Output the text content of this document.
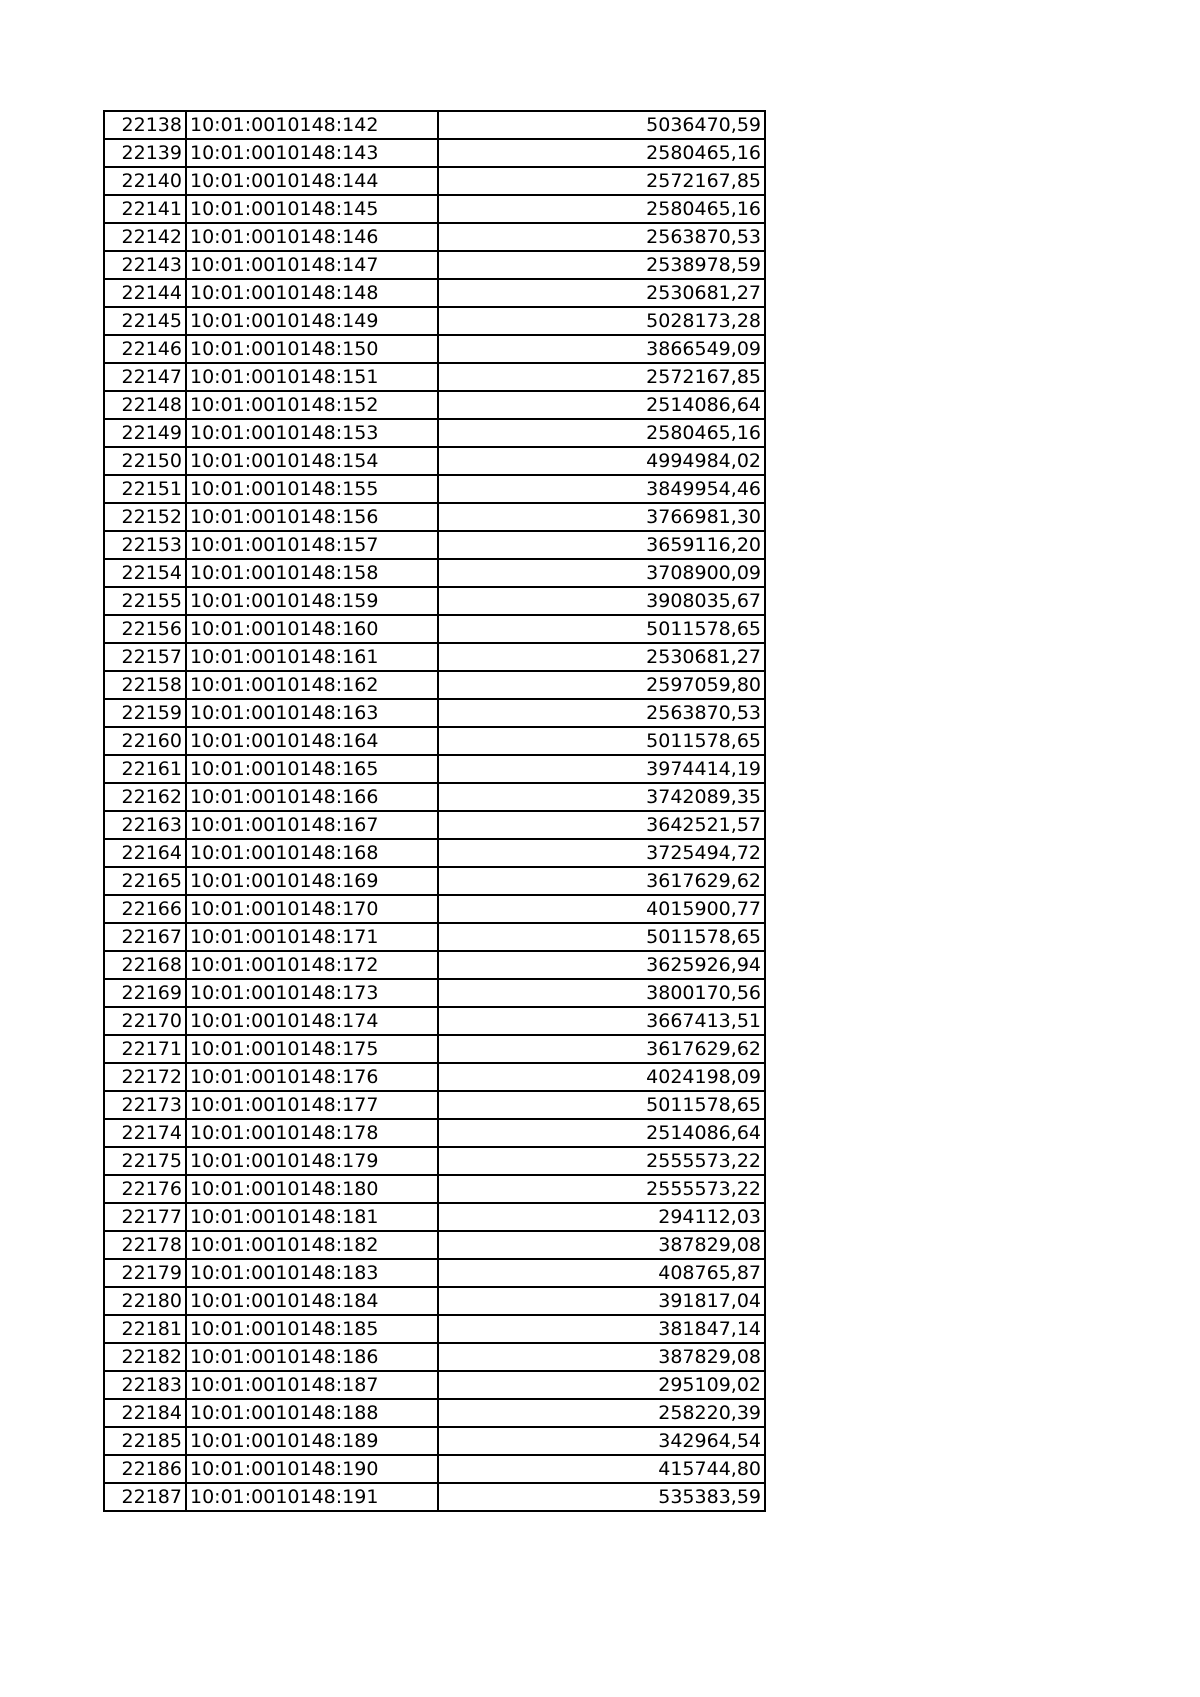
22138	10:01:0010148:142	5036470,59
22139	10:01:0010148:143	2580465,16
22140	10:01:0010148:144	2572167,85
22141	10:01:0010148:145	2580465,16
22142	10:01:0010148:146	2563870,53
22143	10:01:0010148:147	2538978,59
22144	10:01:0010148:148	2530681,27
22145	10:01:0010148:149	5028173,28
22146	10:01:0010148:150	3866549,09
22147	10:01:0010148:151	2572167,85
22148	10:01:0010148:152	2514086,64
22149	10:01:0010148:153	2580465,16
22150	10:01:0010148:154	4994984,02
22151	10:01:0010148:155	3849954,46
22152	10:01:0010148:156	3766981,30
22153	10:01:0010148:157	3659116,20
22154	10:01:0010148:158	3708900,09
22155	10:01:0010148:159	3908035,67
22156	10:01:0010148:160	5011578,65
22157	10:01:0010148:161	2530681,27
22158	10:01:0010148:162	2597059,80
22159	10:01:0010148:163	2563870,53
22160	10:01:0010148:164	5011578,65
22161	10:01:0010148:165	3974414,19
22162	10:01:0010148:166	3742089,35
22163	10:01:0010148:167	3642521,57
22164	10:01:0010148:168	3725494,72
22165	10:01:0010148:169	3617629,62
22166	10:01:0010148:170	4015900,77
22167	10:01:0010148:171	5011578,65
22168	10:01:0010148:172	3625926,94
22169	10:01:0010148:173	3800170,56
22170	10:01:0010148:174	3667413,51
22171	10:01:0010148:175	3617629,62
22172	10:01:0010148:176	4024198,09
22173	10:01:0010148:177	5011578,65
22174	10:01:0010148:178	2514086,64
22175	10:01:0010148:179	2555573,22
22176	10:01:0010148:180	2555573,22
22177	10:01:0010148:181	294112,03
22178	10:01:0010148:182	387829,08
22179	10:01:0010148:183	408765,87
22180	10:01:0010148:184	391817,04
22181	10:01:0010148:185	381847,14
22182	10:01:0010148:186	387829,08
22183	10:01:0010148:187	295109,02
22184	10:01:0010148:188	258220,39
22185	10:01:0010148:189	342964,54
22186	10:01:0010148:190	415744,80
22187	10:01:0010148:191	535383,59
